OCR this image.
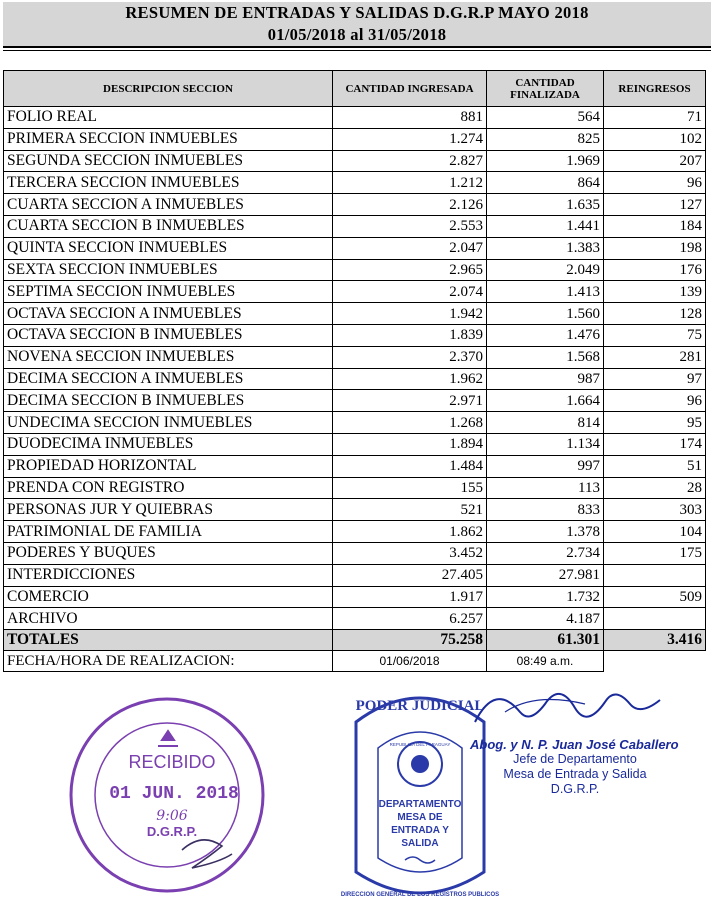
RESUMEN DE ENTRADAS Y SALIDAS D.G.R.P MAYO 2018
01/05/2018 al 31/05/2018
DESCRIPCION SECCION	CANTIDAD INGRESADA	CANTIDAD FINALIZADA	REINGRESOS
FOLIO REAL	881	564	71
PRIMERA SECCION INMUEBLES	1.274	825	102
SEGUNDA SECCION INMUEBLES	2.827	1.969	207
TERCERA SECCION INMUEBLES	1.212	864	96
CUARTA SECCION A INMUEBLES	2.126	1.635	127
CUARTA SECCION B INMUEBLES	2.553	1.441	184
QUINTA SECCION INMUEBLES	2.047	1.383	198
SEXTA SECCION INMUEBLES	2.965	2.049	176
SEPTIMA SECCION INMUEBLES	2.074	1.413	139
OCTAVA SECCION A INMUEBLES	1.942	1.560	128
OCTAVA SECCION B INMUEBLES	1.839	1.476	75
NOVENA SECCION INMUEBLES	2.370	1.568	281
DECIMA SECCION A INMUEBLES	1.962	987	97
DECIMA SECCION B INMUEBLES	2.971	1.664	96
UNDECIMA SECCION INMUEBLES	1.268	814	95
DUODECIMA INMUEBLES	1.894	1.134	174
PROPIEDAD HORIZONTAL	1.484	997	51
PRENDA CON REGISTRO	155	113	28
PERSONAS JUR Y QUIEBRAS	521	833	303
PATRIMONIAL DE FAMILIA	1.862	1.378	104
PODERES Y BUQUES	3.452	2.734	175
INTERDICCIONES	27.405	27.981	
COMERCIO	1.917	1.732	509
ARCHIVO	6.257	4.187	
TOTALES	75.258	61.301	3.416
FECHA/HORA DE REALIZACION:	01/06/2018	08:49 a.m.	
RECIBIDO
01 JUN. 2018
9:06
D.G.R.P.
PODER JUDICIAL
REPUBLICA DEL PARAGUAY
DEPARTAMENTO
MESA DE
ENTRADA Y
SALIDA
DIRECCION GENERAL DE LOS REGISTROS PUBLICOS
Abog. y N. P. Juan José Caballero
Jefe de Departamento
Mesa de Entrada y Salida
D.G.R.P.
